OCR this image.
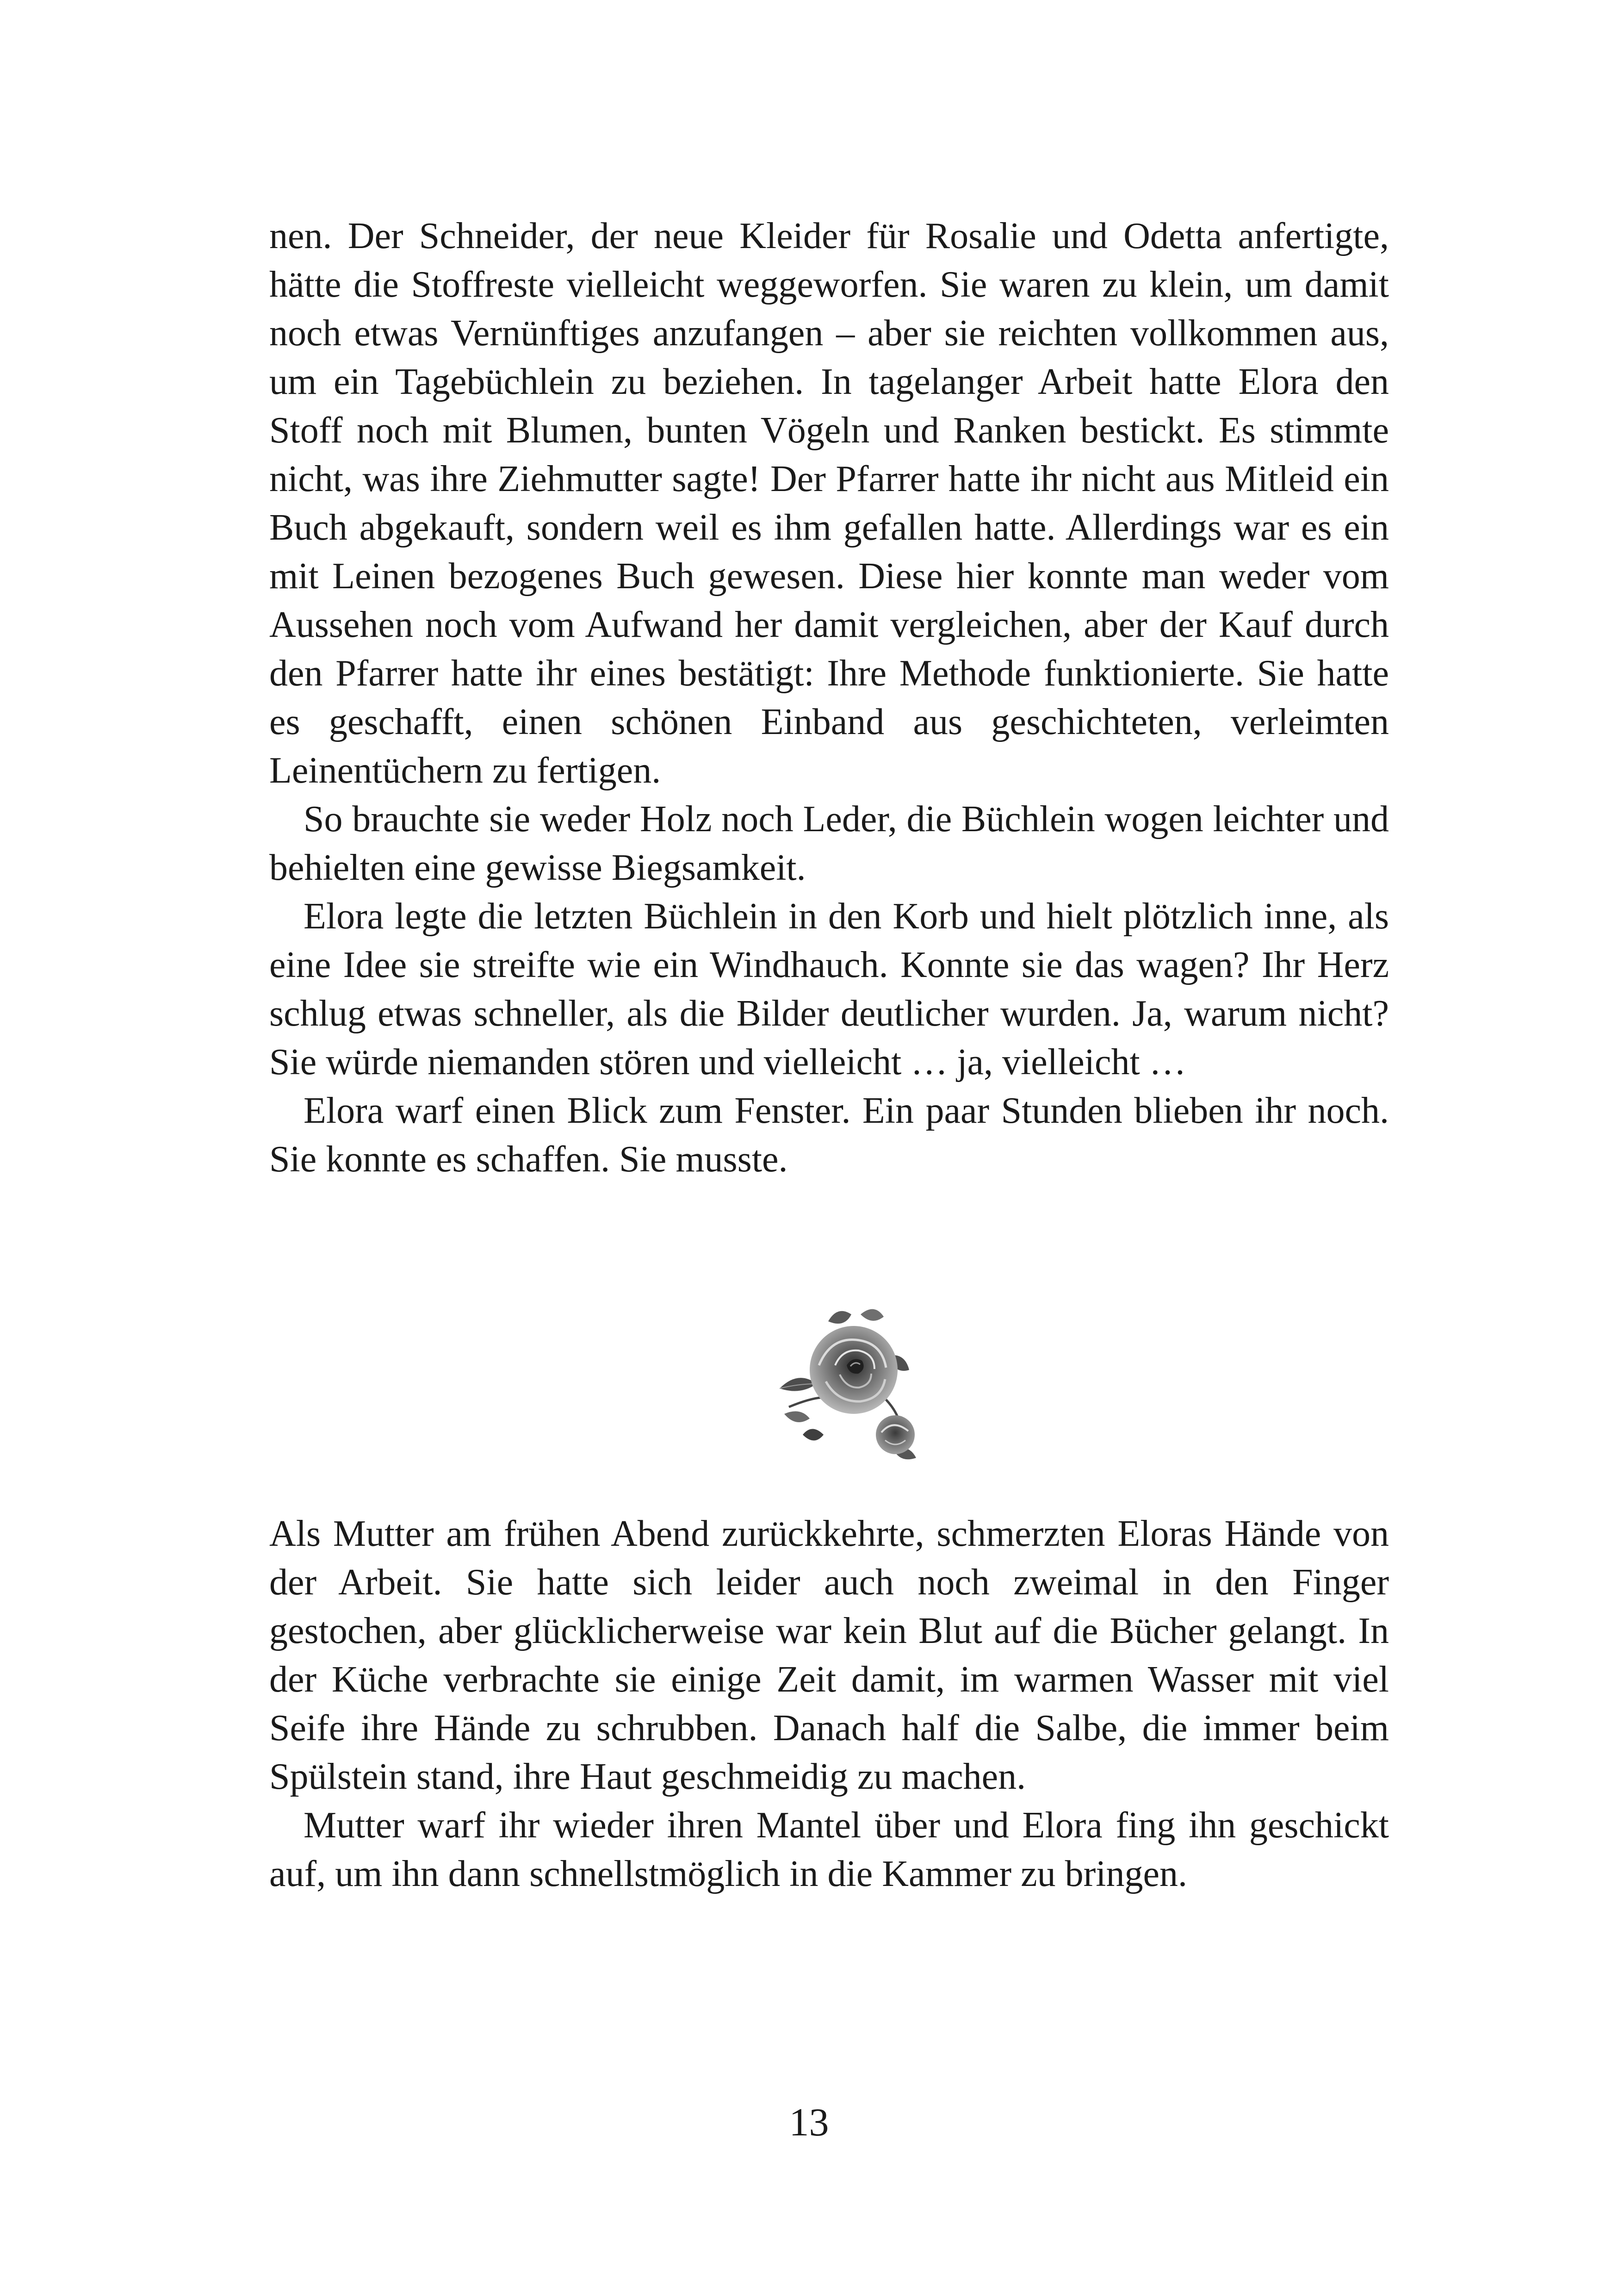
nen. Der Schneider, der neue Kleider für Rosalie und Odetta anfertigte, hätte die Stoffreste vielleicht weggeworfen. Sie waren zu klein, um damit noch etwas Vernünftiges anzufangen – aber sie reichten vollkommen aus, um ein Tagebüchlein zu beziehen. In tagelanger Arbeit hatte Elora den Stoff noch mit Blumen, bunten Vögeln und Ranken bestickt. Es stimmte nicht, was ihre Ziehmutter sagte! Der Pfarrer hatte ihr nicht aus Mitleid ein Buch abgekauft, sondern weil es ihm gefallen hatte. Allerdings war es ein mit Leinen bezogenes Buch gewesen. Diese hier konnte man weder vom Aussehen noch vom Aufwand her damit vergleichen, aber der Kauf durch den Pfarrer hatte ihr eines bestätigt: Ihre Methode funktionierte. Sie hatte es geschafft, einen schönen Einband aus geschichteten, verleimten Leinentüchern zu fertigen.

So brauchte sie weder Holz noch Leder, die Büchlein wogen leichter und behielten eine gewisse Biegsamkeit.

Elora legte die letzten Büchlein in den Korb und hielt plötzlich inne, als eine Idee sie streifte wie ein Windhauch. Konnte sie das wagen? Ihr Herz schlug etwas schneller, als die Bilder deutlicher wurden. Ja, warum nicht? Sie würde niemanden stören und vielleicht … ja, vielleicht …

Elora warf einen Blick zum Fenster. Ein paar Stunden blieben ihr noch. Sie konnte es schaffen. Sie musste.

Als Mutter am frühen Abend zurückkehrte, schmerzten Eloras Hände von der Arbeit. Sie hatte sich leider auch noch zweimal in den Finger gestochen, aber glücklicherweise war kein Blut auf die Bücher gelangt. In der Küche verbrachte sie einige Zeit damit, im warmen Wasser mit viel Seife ihre Hände zu schrubben. Danach half die Salbe, die immer beim Spülstein stand, ihre Haut geschmeidig zu machen.

Mutter warf ihr wieder ihren Mantel über und Elora fing ihn geschickt auf, um ihn dann schnellstmöglich in die Kammer zu bringen.

13
